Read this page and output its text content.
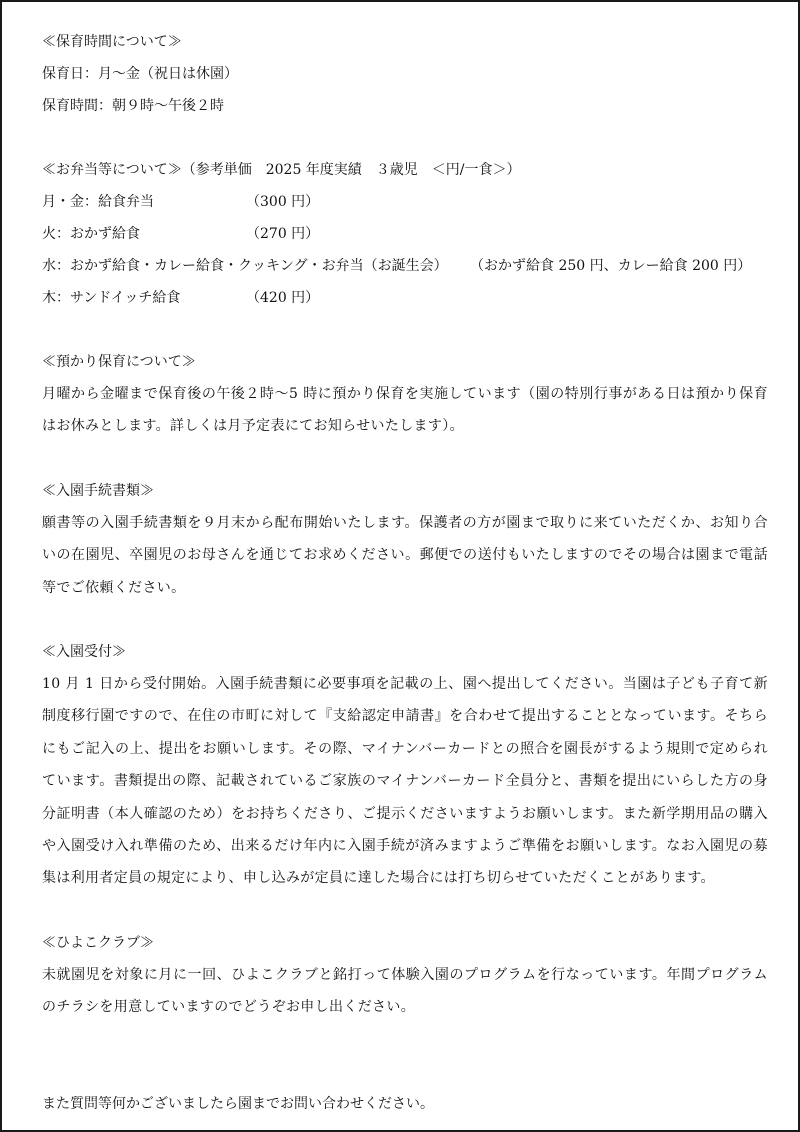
≪保育時間について≫
保育日：月～金（祝日は休園）
保育時間：朝９時～午後２時
≪お弁当等について≫（参考単価　2025 年度実績　３歳児　＜円/一食＞）
月・金：給食弁当	（300 円）
火：おかず給食	（270 円）
水：おかず給食・カレー給食・クッキング・お弁当（お誕生会） （おかず給食 250 円、カレー給食 200 円）
木：サンドイッチ給食	（420 円）
≪預かり保育について≫

月曜から金曜まで保育後の午後２時～5 時に預かり保育を実施しています（園の特別行事がある日は預かり保育はお休みとします。詳しくは月予定表にてお知らせいたします）。

≪入園手続書類≫

願書等の入園手続書類を９月末から配布開始いたします。保護者の方が園まで取りに来ていただくか、お知り合いの在園児、卒園児のお母さんを通じてお求めください。郵便での送付もいたしますのでその場合は園まで電話等でご依頼ください。

≪入園受付≫

10 月 1 日から受付開始。入園手続書類に必要事項を記載の上、園へ提出してください。当園は子ども子育て新制度移行園ですので、在住の市町に対して『支給認定申請書』を合わせて提出することとなっています。そちらにもご記入の上、提出をお願いします。その際、マイナンバーカードとの照合を園長がするよう規則で定められています。書類提出の際、記載されているご家族のマイナンバーカード全員分と、書類を提出にいらした方の身分証明書（本人確認のため）をお持ちくださり、ご提示くださいますようお願いします。また新学期用品の購入や入園受け入れ準備のため、出来るだけ年内に入園手続が済みますようご準備をお願いします。なお入園児の募集は利用者定員の規定により、申し込みが定員に達した場合には打ち切らせていただくことがあります。

≪ひよこクラブ≫

未就園児を対象に月に一回、ひよこクラブと銘打って体験入園のプログラムを行なっています。年間プログラムのチラシを用意していますのでどうぞお申し出ください。

また質問等何かございましたら園までお問い合わせください。
